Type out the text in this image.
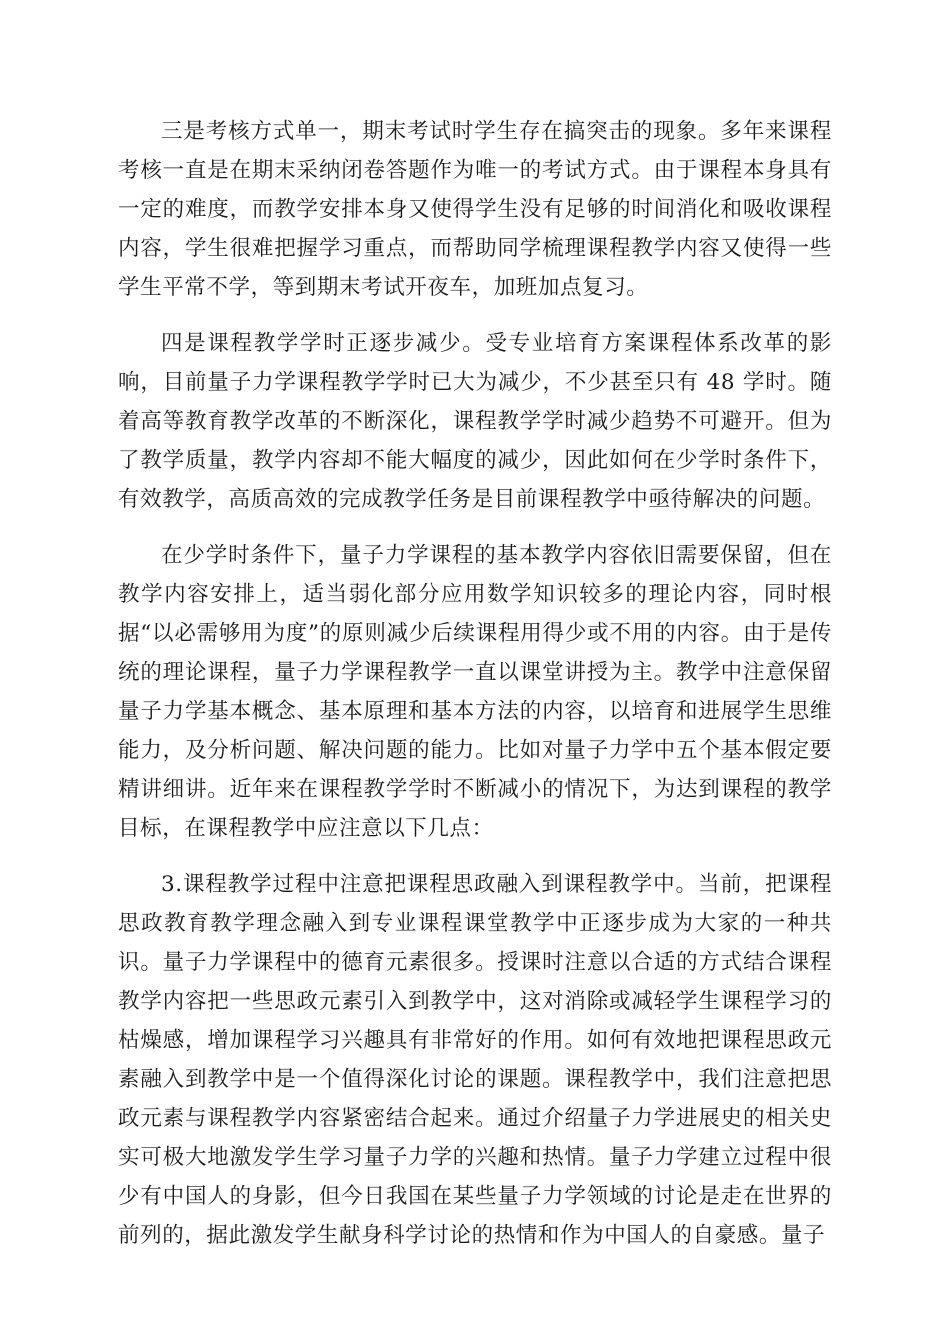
三是考核方式单一，期末考试时学生存在搞突击的现象。多年来课程考核一直是在期末采纳闭卷答题作为唯一的考试方式。由于课程本身具有一定的难度，而教学安排本身又使得学生没有足够的时间消化和吸收课程内容，学生很难把握学习重点，而帮助同学梳理课程教学内容又使得一些学生平常不学，等到期末考试开夜车，加班加点复习。

四是课程教学学时正逐步减少。受专业培育方案课程体系改革的影响，目前量子力学课程教学学时已大为减少，不少甚至只有 48 学时。随着高等教育教学改革的不断深化，课程教学学时减少趋势不可避开。但为了教学质量，教学内容却不能大幅度的减少，因此如何在少学时条件下，有效教学，高质高效的完成教学任务是目前课程教学中亟待解决的问题。

在少学时条件下，量子力学课程的基本教学内容依旧需要保留，但在教学内容安排上，适当弱化部分应用数学知识较多的理论内容，同时根据“以必需够用为度”的原则减少后续课程用得少或不用的内容。由于是传统的理论课程，量子力学课程教学一直以课堂讲授为主。教学中注意保留量子力学基本概念、基本原理和基本方法的内容，以培育和进展学生思维能力，及分析问题、解决问题的能力。比如对量子力学中五个基本假定要精讲细讲。近年来在课程教学学时不断减小的情况下，为达到课程的教学目标，在课程教学中应注意以下几点：

3.课程教学过程中注意把课程思政融入到课程教学中。当前，把课程思政教育教学理念融入到专业课程课堂教学中正逐步成为大家的一种共识。量子力学课程中的德育元素很多。授课时注意以合适的方式结合课程教学内容把一些思政元素引入到教学中，这对消除或减轻学生课程学习的枯燥感，增加课程学习兴趣具有非常好的作用。如何有效地把课程思政元素融入到教学中是一个值得深化讨论的课题。课程教学中，我们注意把思政元素与课程教学内容紧密结合起来。通过介绍量子力学进展史的相关史实可极大地激发学生学习量子力学的兴趣和热情。量子力学建立过程中很少有中国人的身影，但今日我国在某些量子力学领域的讨论是走在世界的前列的，据此激发学生献身科学讨论的热情和作为中国人的自豪感。量子
